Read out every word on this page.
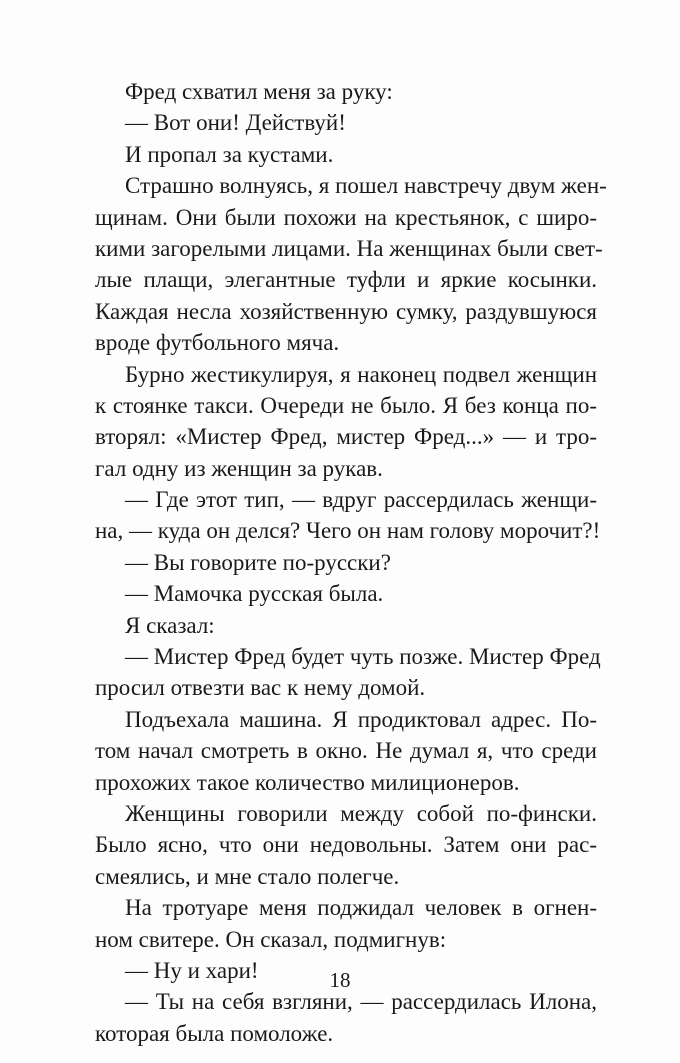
Фред схватил меня за руку:
— Вот они! Действуй!
И пропал за кустами.
Страшно волнуясь, я пошел навстречу двум жен-
щинам. Они были похожи на крестьянок, с широ-
кими загорелыми лицами. На женщинах были свет-
лые плащи, элегантные туфли и яркие косынки.
Каждая несла хозяйственную сумку, раздувшуюся
вроде футбольного мяча.
Бурно жестикулируя, я наконец подвел женщин
к стоянке такси. Очереди не было. Я без конца по-
вторял: «Мистер Фред, мистер Фред...» — и тро-
гал одну из женщин за рукав.
— Где этот тип, — вдруг рассердилась женщи-
на, — куда он делся? Чего он нам голову морочит?!
— Вы говорите по-русски?
— Мамочка русская была.
Я сказал:
— Мистер Фред будет чуть позже. Мистер Фред
просил отвезти вас к нему домой.
Подъехала машина. Я продиктовал адрес. По-
том начал смотреть в окно. Не думал я, что среди
прохожих такое количество милиционеров.
Женщины говорили между собой по-фински.
Было ясно, что они недовольны. Затем они рас-
смеялись, и мне стало полегче.
На тротуаре меня поджидал человек в огнен-
ном свитере. Он сказал, подмигнув:
— Ну и хари!
— Ты на себя взгляни, — рассердилась Илона,
которая была помоложе.
18
